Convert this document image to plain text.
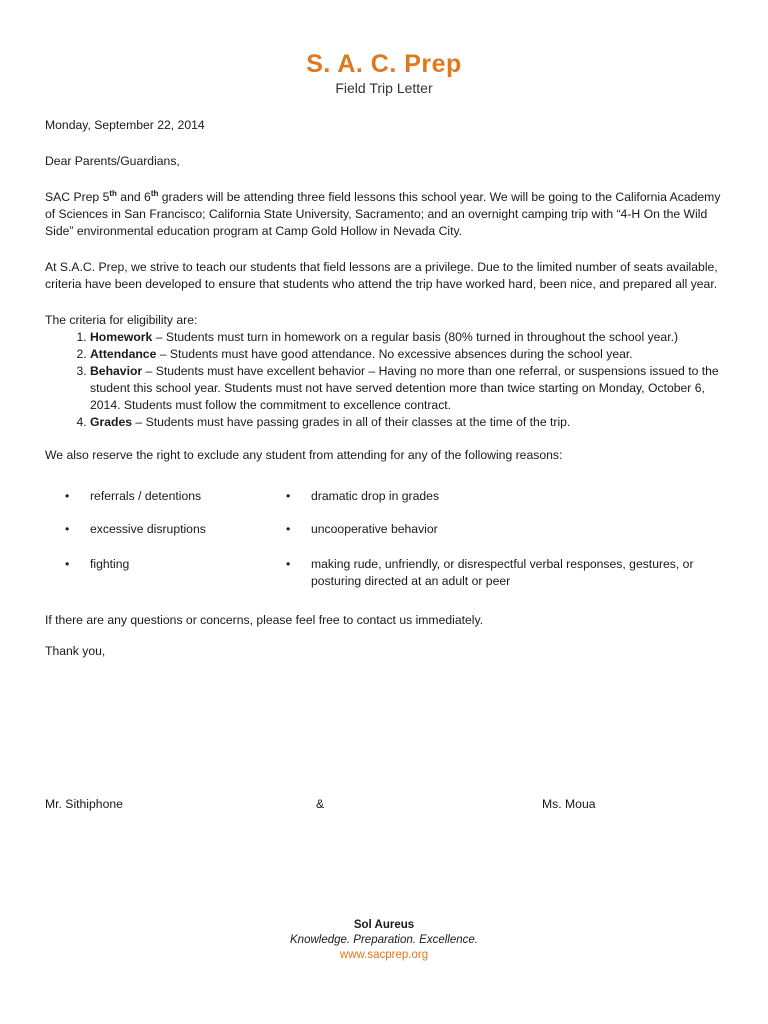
S. A. C. Prep
Field Trip Letter

Monday, September 22, 2014

Dear Parents/Guardians,

SAC Prep 5th and 6th graders will be attending three field lessons this school year. We will be going to the California Academy of Sciences in San Francisco; California State University, Sacramento; and an overnight camping trip with “4-H On the Wild Side” environmental education program at Camp Gold Hollow in Nevada City.

At S.A.C. Prep, we strive to teach our students that field lessons are a privilege. Due to the limited number of seats available, criteria have been developed to ensure that students who attend the trip have worked hard, been nice, and prepared all year.

The criteria for eligibility are:

1. Homework – Students must turn in homework on a regular basis (80% turned in throughout the school year.)
2. Attendance – Students must have good attendance. No excessive absences during the school year.
3. Behavior – Students must have excellent behavior – Having no more than one referral, or suspensions issued to the student this school year. Students must not have served detention more than twice starting on Monday, October 6, 2014. Students must follow the commitment to excellence contract.
4. Grades – Students must have passing grades in all of their classes at the time of the trip.

We also reserve the right to exclude any student from attending for any of the following reasons:

• referrals / detentions	• dramatic drop in grades
• excessive disruptions	• uncooperative behavior
• fighting	• making rude, unfriendly, or disrespectful verbal responses, gestures, or posturing directed at an adult or peer

If there are any questions or concerns, please feel free to contact us immediately.

Thank you,

Mr. Sithiphone	&	Ms. Moua
Sol Aureus
Knowledge. Preparation. Excellence.
www.sacprep.org
